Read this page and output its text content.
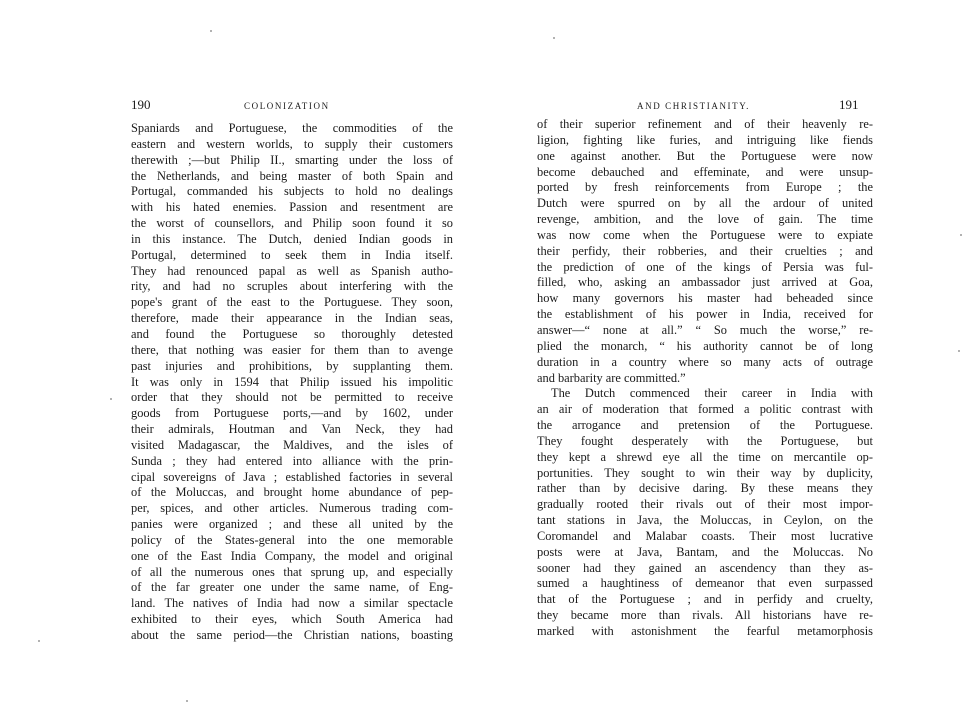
190	COLONIZATION
Spaniards and Portuguese, the commodities of the
eastern and western worlds, to supply their customers
therewith ;—but Philip II., smarting under the loss of
the Netherlands, and being master of both Spain and
Portugal, commanded his subjects to hold no dealings
with his hated enemies. Passion and resentment are
the worst of counsellors, and Philip soon found it so
in this instance. The Dutch, denied Indian goods in
Portugal, determined to seek them in India itself.
They had renounced papal as well as Spanish autho-
rity, and had no scruples about interfering with the
pope's grant of the east to the Portuguese. They soon,
therefore, made their appearance in the Indian seas,
and found the Portuguese so thoroughly detested
there, that nothing was easier for them than to avenge
past injuries and prohibitions, by supplanting them.
It was only in 1594 that Philip issued his impolitic
order that they should not be permitted to receive
goods from Portuguese ports,—and by 1602, under
their admirals, Houtman and Van Neck, they had
visited Madagascar, the Maldives, and the isles of
Sunda ; they had entered into alliance with the prin-
cipal sovereigns of Java ; established factories in several
of the Moluccas, and brought home abundance of pep-
per, spices, and other articles. Numerous trading com-
panies were organized ; and these all united by the
policy of the States-general into the one memorable
one of the East India Company, the model and original
of all the numerous ones that sprung up, and especially
of the far greater one under the same name, of Eng-
land. The natives of India had now a similar spectacle
exhibited to their eyes, which South America had
about the same period—the Christian nations, boasting
AND CHRISTIANITY.	191
of their superior refinement and of their heavenly re-
ligion, fighting like furies, and intriguing like fiends
one against another. But the Portuguese were now
become debauched and effeminate, and were unsup-
ported by fresh reinforcements from Europe ; the
Dutch were spurred on by all the ardour of united
revenge, ambition, and the love of gain. The time
was now come when the Portuguese were to expiate
their perfidy, their robberies, and their cruelties ; and
the prediction of one of the kings of Persia was ful-
filled, who, asking an ambassador just arrived at Goa,
how many governors his master had beheaded since
the establishment of his power in India, received for
answer—“ none at all.” “ So much the worse,” re-
plied the monarch, “ his authority cannot be of long
duration in a country where so many acts of outrage
and barbarity are committed.”
The Dutch commenced their career in India with
an air of moderation that formed a politic contrast with
the arrogance and pretension of the Portuguese.
They fought desperately with the Portuguese, but
they kept a shrewd eye all the time on mercantile op-
portunities. They sought to win their way by duplicity,
rather than by decisive daring. By these means they
gradually rooted their rivals out of their most impor-
tant stations in Java, the Moluccas, in Ceylon, on the
Coromandel and Malabar coasts. Their most lucrative
posts were at Java, Bantam, and the Moluccas. No
sooner had they gained an ascendency than they as-
sumed a haughtiness of demeanor that even surpassed
that of the Portuguese ; and in perfidy and cruelty,
they became more than rivals. All historians have re-
marked with astonishment the fearful metamorphosis
